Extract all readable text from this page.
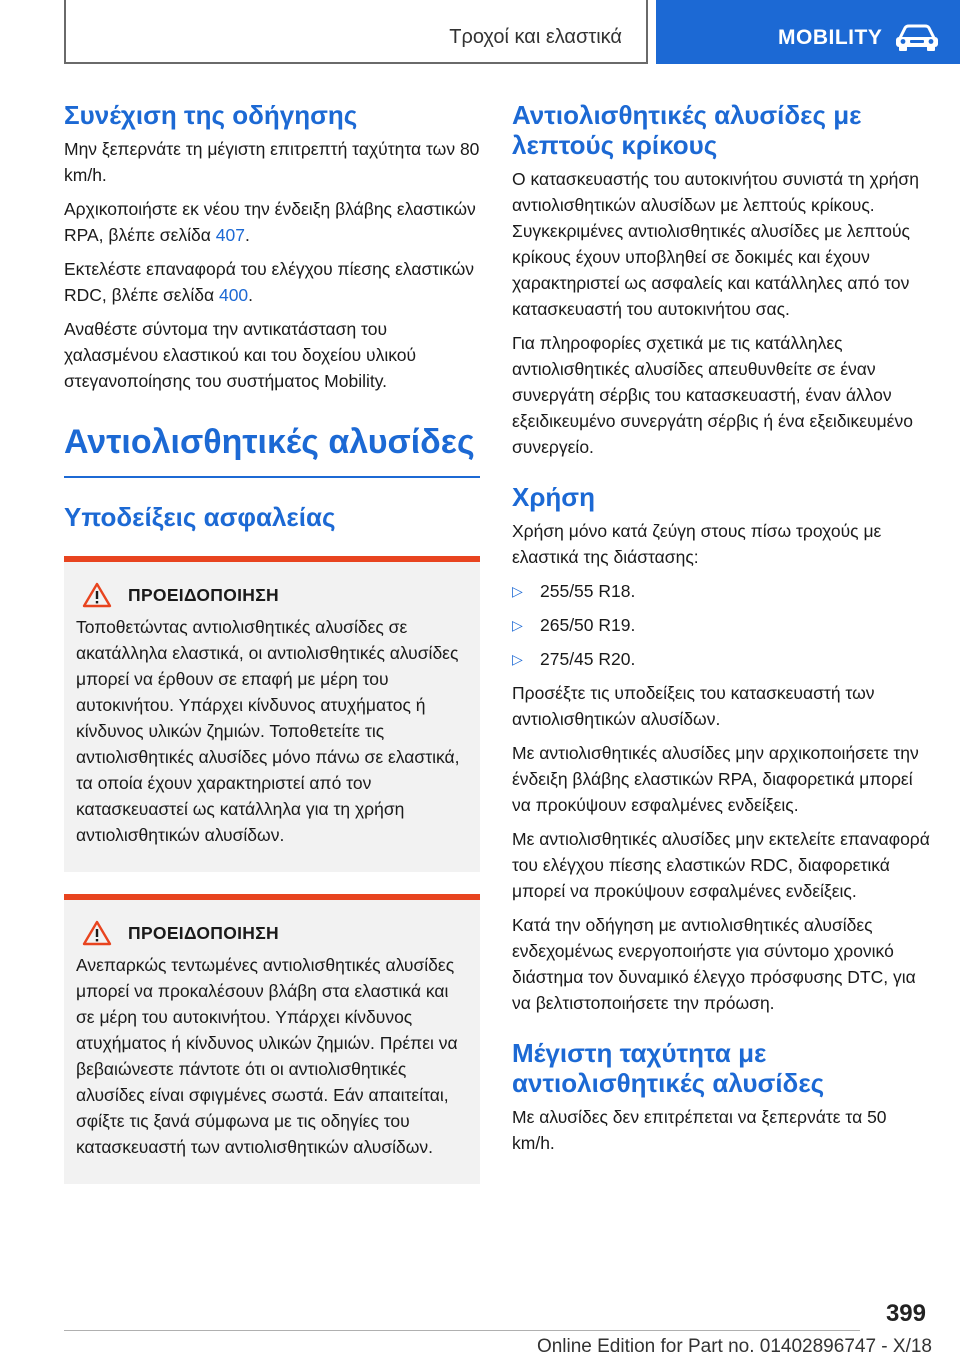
Τροχοί και ελαστικά	MOBILITY
Συνέχιση της οδήγησης

Μην ξεπερνάτε τη μέγιστη επιτρεπτή ταχύτητα των 80 km/h.

Αρχικοποιήστε εκ νέου την ένδειξη βλάβης ελαστικών RPA, βλέπε σελίδα 407.

Εκτελέστε επαναφορά του ελέγχου πίεσης ελαστικών RDC, βλέπε σελίδα 400.

Αναθέστε σύντομα την αντικατάσταση του χαλασμένου ελαστικού και του δοχείου υλικού στεγανοποίησης του συστήματος Mobility.

Αντιολισθητικές αλυσίδες
Υποδείξεις ασφαλείας
ΠΡΟΕΙΔΟΠΟΙΗΣΗ

Τοποθετώντας αντιολισθητικές αλυσίδες σε ακατάλληλα ελαστικά, οι αντιολισθητικές αλυσίδες μπορεί να έρθουν σε επαφή με μέρη του αυτοκινήτου. Υπάρχει κίνδυνος ατυχήματος ή κίνδυνος υλικών ζημιών. Τοποθετείτε τις αντιολισθητικές αλυσίδες μόνο πάνω σε ελαστικά, τα οποία έχουν χαρακτηριστεί από τον κατασκευαστεί ως κατάλληλα για τη χρήση αντιολισθητικών αλυσίδων.

ΠΡΟΕΙΔΟΠΟΙΗΣΗ

Ανεπαρκώς τεντωμένες αντιολισθητικές αλυσίδες μπορεί να προκαλέσουν βλάβη στα ελαστικά και σε μέρη του αυτοκινήτου. Υπάρχει κίνδυνος ατυχήματος ή κίνδυνος υλικών ζημιών. Πρέπει να βεβαιώνεστε πάντοτε ότι οι αντιολισθητικές αλυσίδες είναι σφιγμένες σωστά. Εάν απαιτείται, σφίξτε τις ξανά σύμφωνα με τις οδηγίες του κατασκευαστή των αντιολισθητικών αλυσίδων.

Αντιολισθητικές αλυσίδες με λεπτούς κρίκους

Ο κατασκευαστής του αυτοκινήτου συνιστά τη χρήση αντιολισθητικών αλυσίδων με λεπτούς κρίκους. Συγκεκριμένες αντιολισθητικές αλυσίδες με λεπτούς κρίκους έχουν υποβληθεί σε δοκιμές και έχουν χαρακτηριστεί ως ασφαλείς και κατάλληλες από τον κατασκευαστή του αυτοκινήτου σας.

Για πληροφορίες σχετικά με τις κατάλληλες αντιολισθητικές αλυσίδες απευθυνθείτε σε έναν συνεργάτη σέρβις του κατασκευαστή, έναν άλλον εξειδικευμένο συνεργάτη σέρβις ή ένα εξειδικευμένο συνεργείο.

Χρήση

Χρήση μόνο κατά ζεύγη στους πίσω τροχούς με ελαστικά της διάστασης:

▷ 255/55 R18.
▷ 265/50 R19.
▷ 275/45 R20.

Προσέξτε τις υποδείξεις του κατασκευαστή των αντιολισθητικών αλυσίδων.

Με αντιολισθητικές αλυσίδες μην αρχικοποιήσετε την ένδειξη βλάβης ελαστικών RPA, διαφορετικά μπορεί να προκύψουν εσφαλμένες ενδείξεις.

Με αντιολισθητικές αλυσίδες μην εκτελείτε επαναφορά του ελέγχου πίεσης ελαστικών RDC, διαφορετικά μπορεί να προκύψουν εσφαλμένες ενδείξεις.

Κατά την οδήγηση με αντιολισθητικές αλυσίδες ενδεχομένως ενεργοποιήστε για σύντομο χρονικό διάστημα τον δυναμικό έλεγχο πρόσφυσης DTC, για να βελτιστοποιήσετε την πρόωση.

Μέγιστη ταχύτητα με αντιολισθητικές αλυσίδες

Με αλυσίδες δεν επιτρέπεται να ξεπερνάτε τα 50 km/h.

399
Online Edition for Part no. 01402896747 - X/18
